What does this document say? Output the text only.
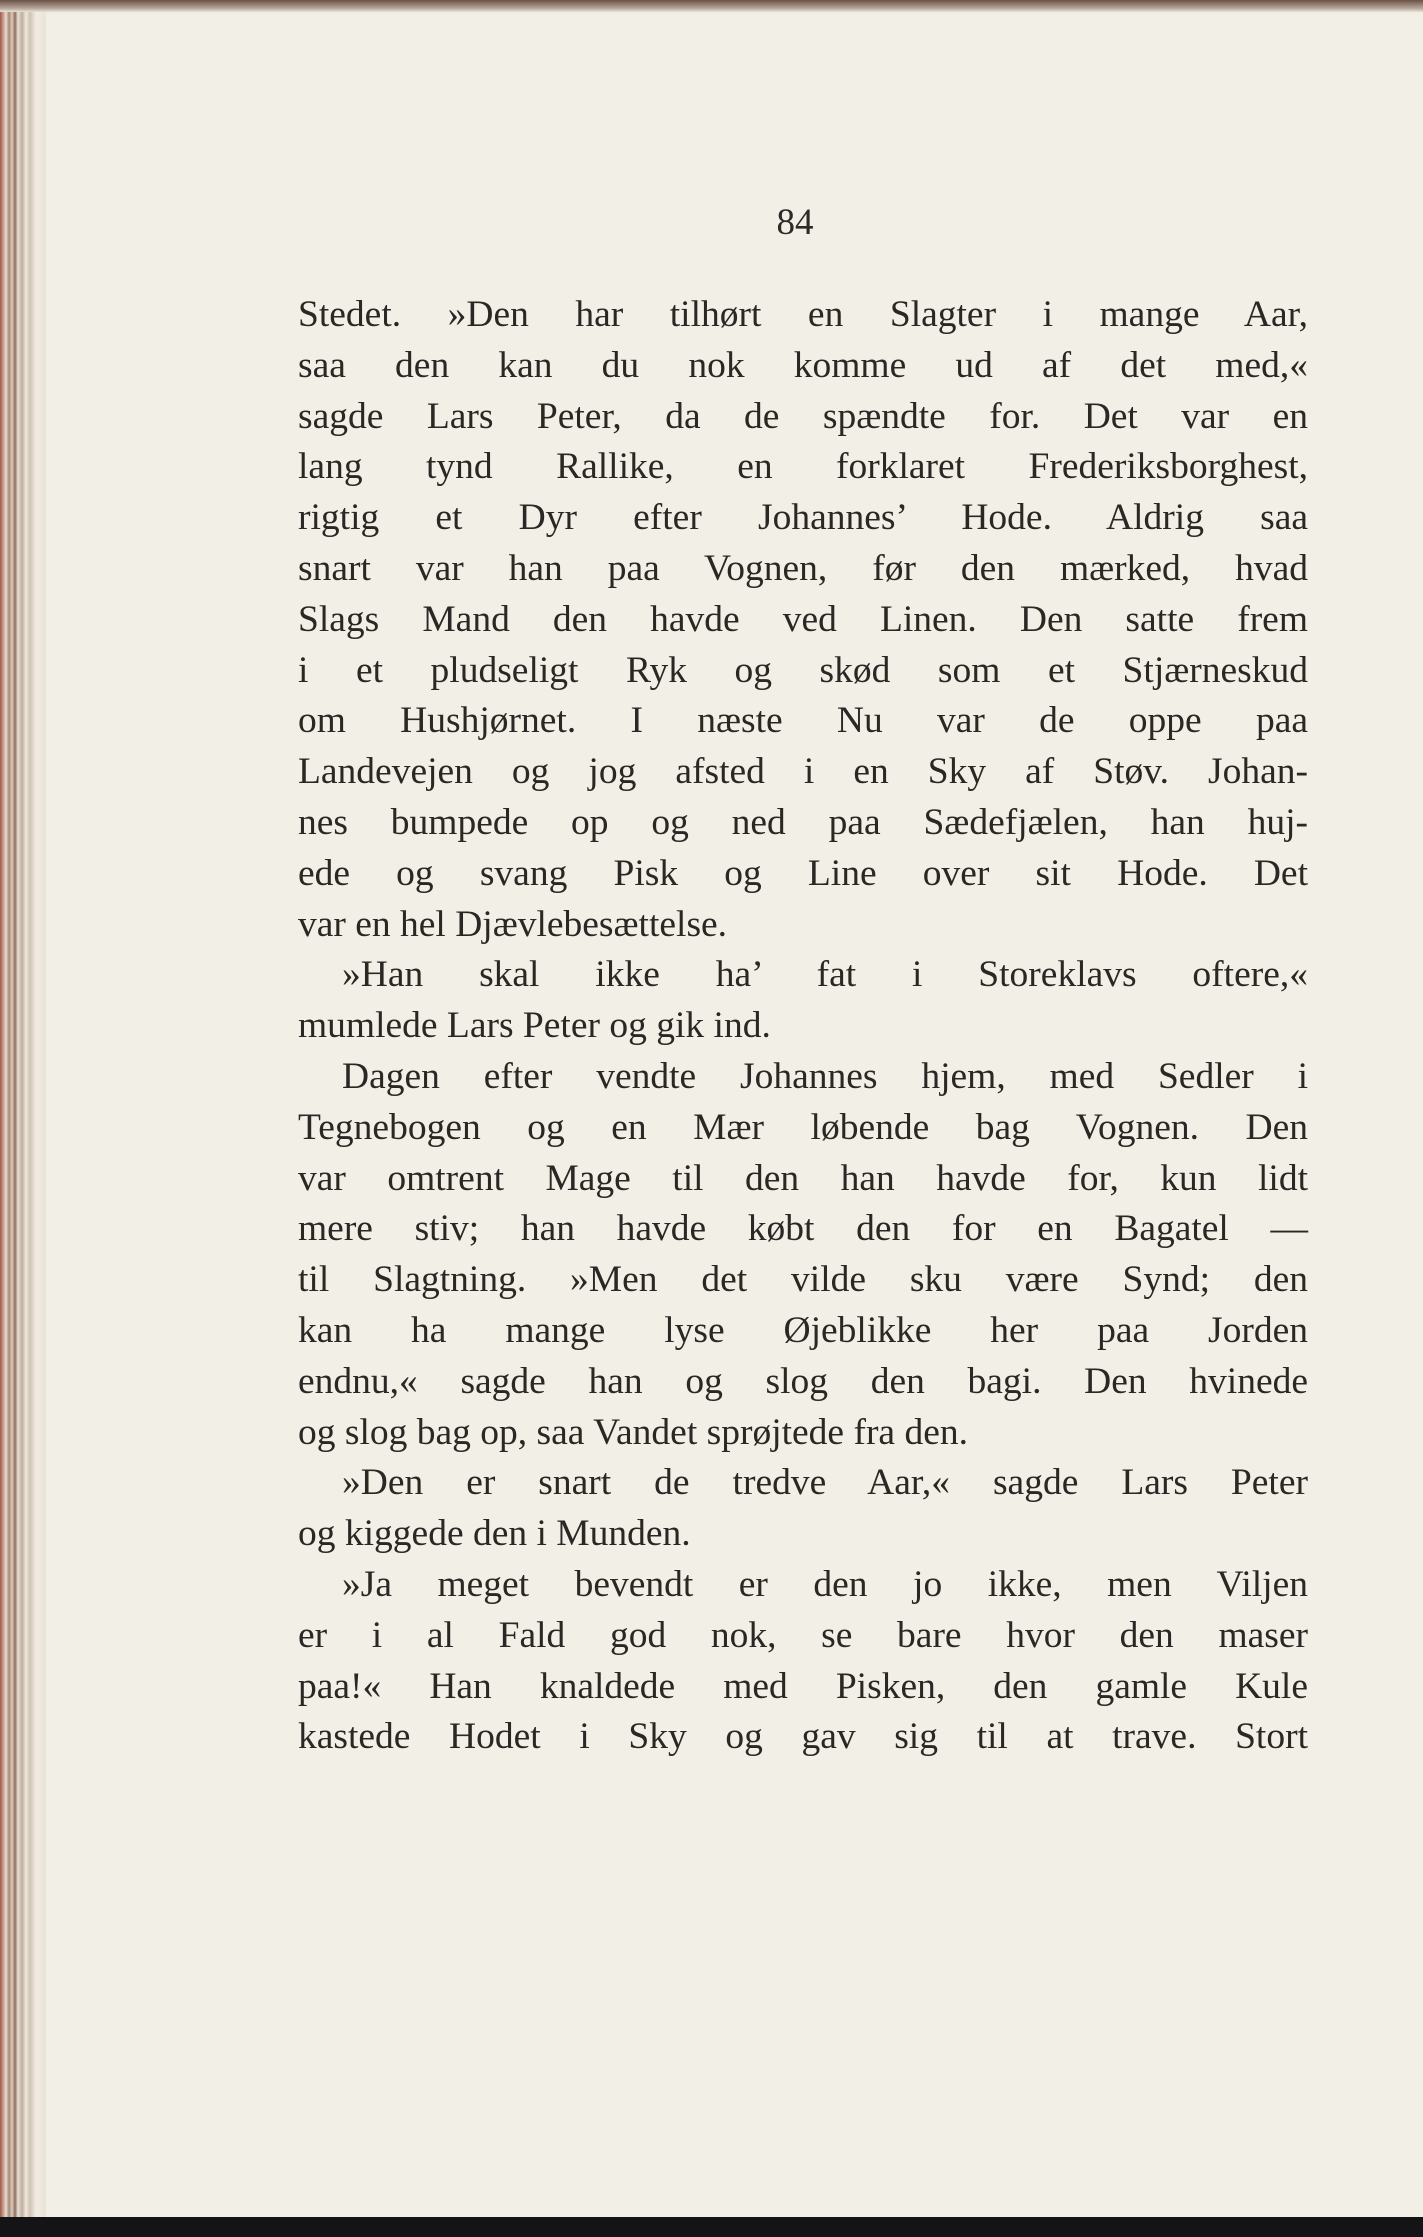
84
Stedet. »Den har tilhørt en Slagter i mange Aar,
saa den kan du nok komme ud af det med,«
sagde Lars Peter, da de spændte for. Det var en
lang tynd Rallike, en forklaret Frederiksborghest,
rigtig et Dyr efter Johannes’ Hode. Aldrig saa
snart var han paa Vognen, før den mærked, hvad
Slags Mand den havde ved Linen. Den satte frem
i et pludseligt Ryk og skød som et Stjærneskud
om Hushjørnet. I næste Nu var de oppe paa
Landevejen og jog afsted i en Sky af Støv. Johan-
nes bumpede op og ned paa Sædefjælen, han huj-
ede og svang Pisk og Line over sit Hode. Det
var en hel Djævlebesættelse.
»Han skal ikke ha’ fat i Storeklavs oftere,«
mumlede Lars Peter og gik ind.
Dagen efter vendte Johannes hjem, med Sedler i
Tegnebogen og en Mær løbende bag Vognen. Den
var omtrent Mage til den han havde for, kun lidt
mere stiv; han havde købt den for en Bagatel —
til Slagtning. »Men det vilde sku være Synd; den
kan ha mange lyse Øjeblikke her paa Jorden
endnu,« sagde han og slog den bagi. Den hvinede
og slog bag op, saa Vandet sprøjtede fra den.
»Den er snart de tredve Aar,« sagde Lars Peter
og kiggede den i Munden.
»Ja meget bevendt er den jo ikke, men Viljen
er i al Fald god nok, se bare hvor den maser
paa!« Han knaldede med Pisken, den gamle Kule
kastede Hodet i Sky og gav sig til at trave. Stort
